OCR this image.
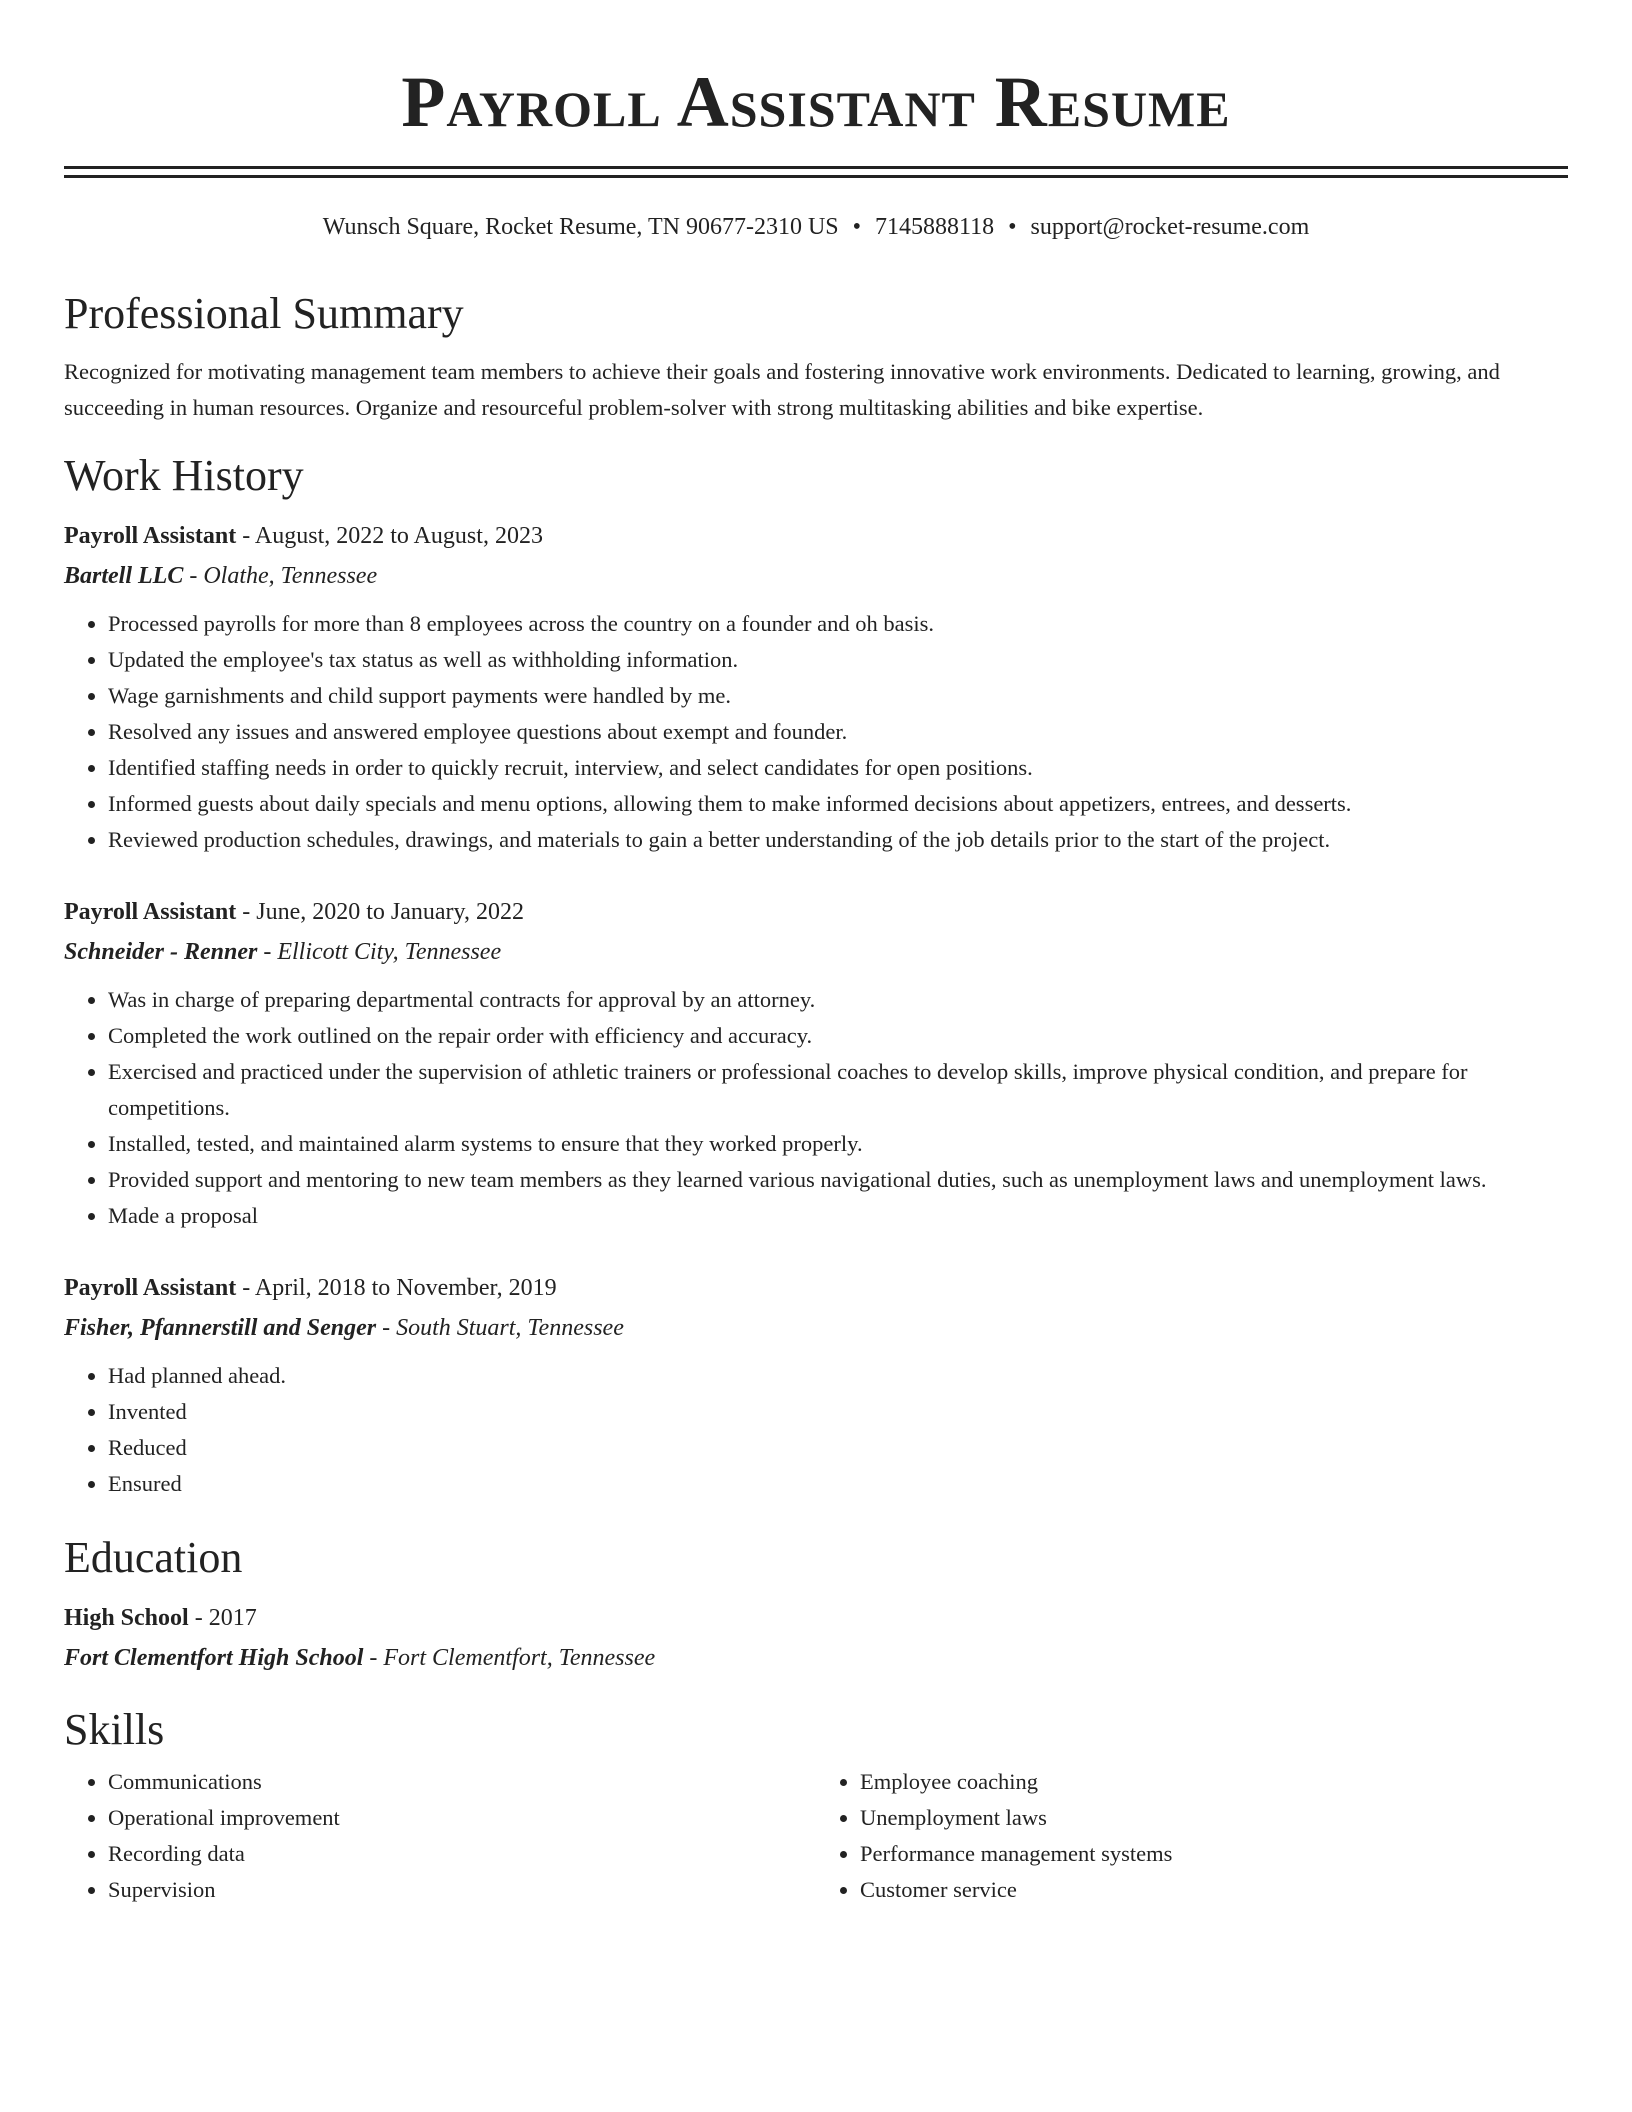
Payroll Assistant Resume
Wunsch Square, Rocket Resume, TN 90677-2310 US • 7145888118 • support@rocket-resume.com
Professional Summary
Recognized for motivating management team members to achieve their goals and fostering innovative work environments. Dedicated to learning, growing, and succeeding in human resources. Organize and resourceful problem-solver with strong multitasking abilities and bike expertise.
Work History
Payroll Assistant - August, 2022 to August, 2023
Bartell LLC - Olathe, Tennessee
• Processed payrolls for more than 8 employees across the country on a founder and oh basis.
• Updated the employee's tax status as well as withholding information.
• Wage garnishments and child support payments were handled by me.
• Resolved any issues and answered employee questions about exempt and founder.
• Identified staffing needs in order to quickly recruit, interview, and select candidates for open positions.
• Informed guests about daily specials and menu options, allowing them to make informed decisions about appetizers, entrees, and desserts.
• Reviewed production schedules, drawings, and materials to gain a better understanding of the job details prior to the start of the project.
Payroll Assistant - June, 2020 to January, 2022
Schneider - Renner - Ellicott City, Tennessee
• Was in charge of preparing departmental contracts for approval by an attorney.
• Completed the work outlined on the repair order with efficiency and accuracy.
• Exercised and practiced under the supervision of athletic trainers or professional coaches to develop skills, improve physical condition, and prepare for competitions.
• Installed, tested, and maintained alarm systems to ensure that they worked properly.
• Provided support and mentoring to new team members as they learned various navigational duties, such as unemployment laws and unemployment laws.
• Made a proposal
Payroll Assistant - April, 2018 to November, 2019
Fisher, Pfannerstill and Senger - South Stuart, Tennessee
• Had planned ahead.
• Invented
• Reduced
• Ensured
Education
High School - 2017
Fort Clementfort High School - Fort Clementfort, Tennessee
Skills
• Communications
• Operational improvement
• Recording data
• Supervision
• Employee coaching
• Unemployment laws
• Performance management systems
• Customer service
